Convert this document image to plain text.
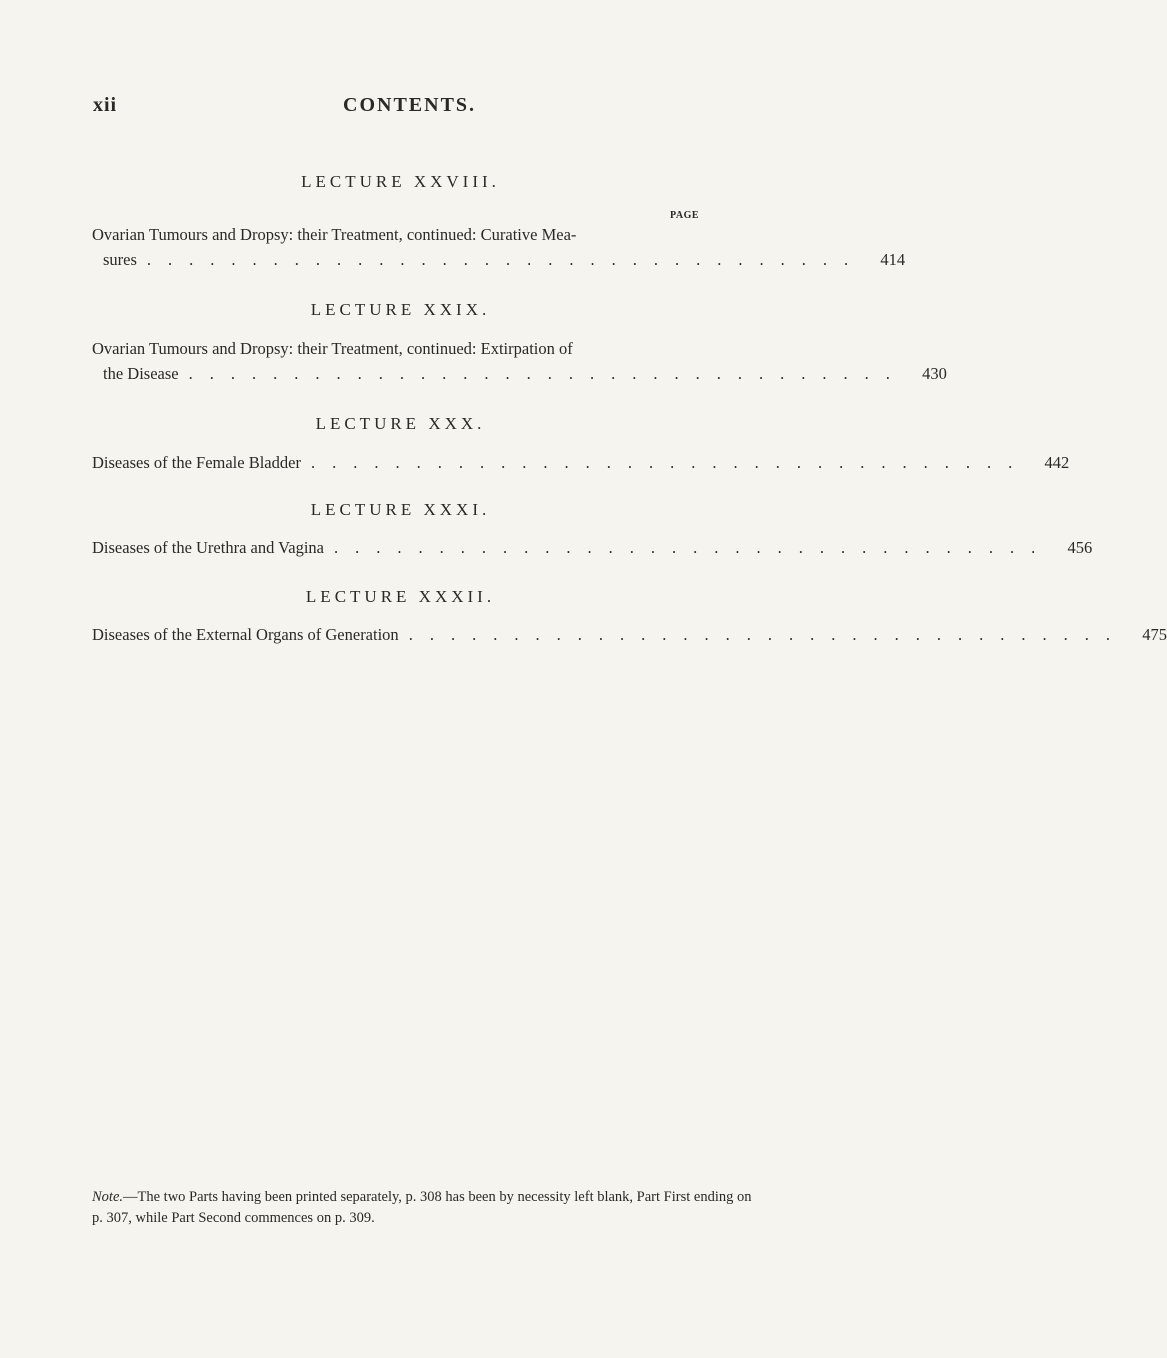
xii	CONTENTS.
LECTURE XXVIII.
PAGE
Ovarian Tumours and Dropsy: their Treatment, continued: Curative Mea-
sures .................................. 414
LECTURE XXIX.
Ovarian Tumours and Dropsy: their Treatment, continued: Extirpation of
the Disease .................................. 430
LECTURE XXX.
Diseases of the Female Bladder .................................. 442
LECTURE XXXI.
Diseases of the Urethra and Vagina .................................. 456
LECTURE XXXII.
Diseases of the External Organs of Generation .................................. 475
Note.—The two Parts having been printed separately, p. 308 has been by necessity left blank, Part First ending on p. 307, while Part Second commences on p. 309.
